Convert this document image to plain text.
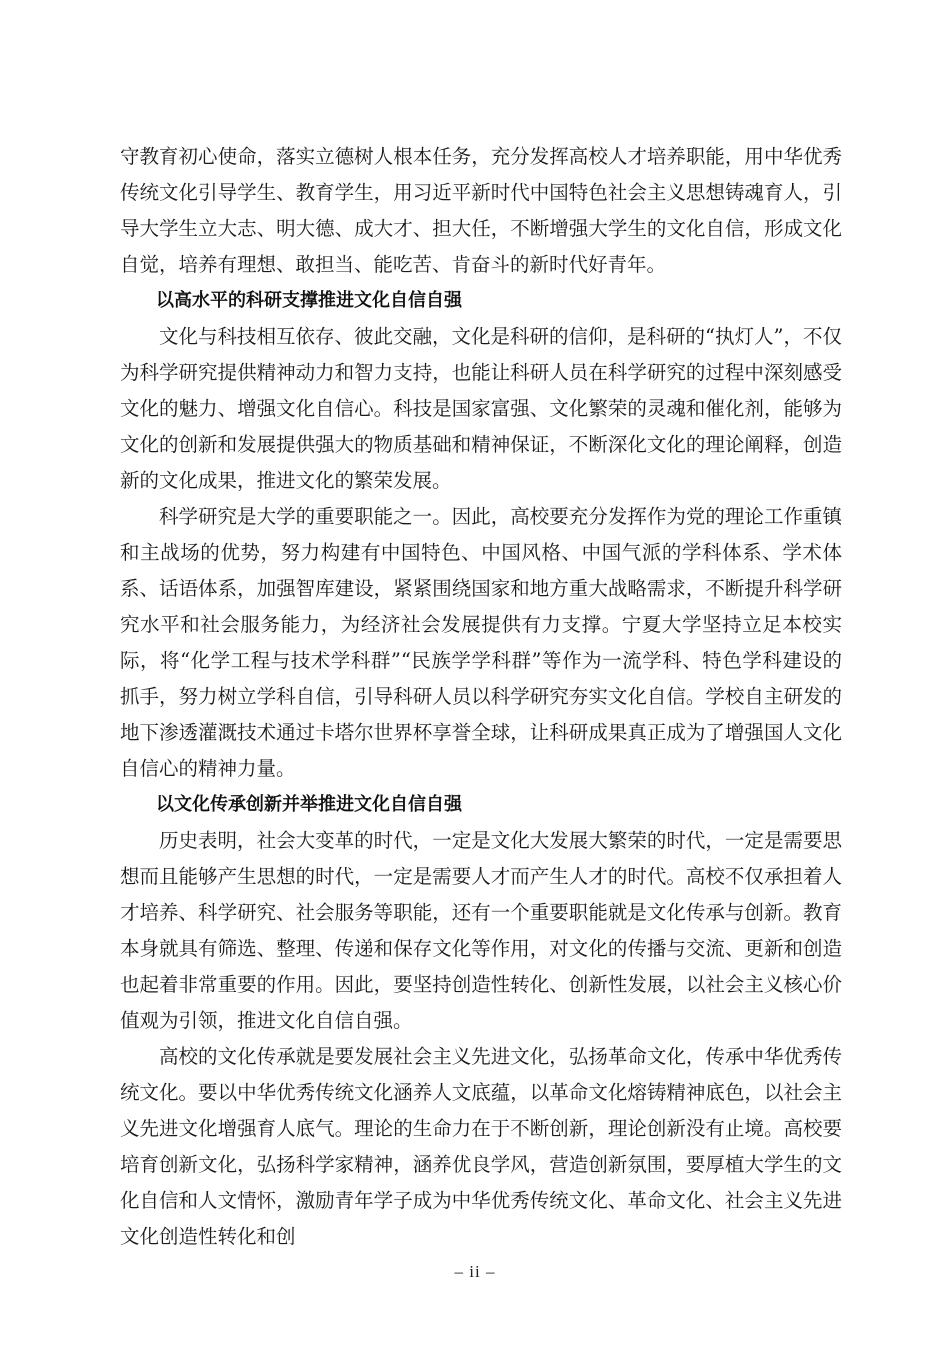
守教育初心使命，落实立德树人根本任务，充分发挥高校人才培养职能，用中华优秀传统文化引导学生、教育学生，用习近平新时代中国特色社会主义思想铸魂育人，引导大学生立大志、明大德、成大才、担大任，不断增强大学生的文化自信，形成文化自觉，培养有理想、敢担当、能吃苦、肯奋斗的新时代好青年。

以高水平的科研支撑推进文化自信自强

文化与科技相互依存、彼此交融，文化是科研的信仰，是科研的“执灯人”，不仅为科学研究提供精神动力和智力支持，也能让科研人员在科学研究的过程中深刻感受文化的魅力、增强文化自信心。科技是国家富强、文化繁荣的灵魂和催化剂，能够为文化的创新和发展提供强大的物质基础和精神保证，不断深化文化的理论阐释，创造新的文化成果，推进文化的繁荣发展。

科学研究是大学的重要职能之一。因此，高校要充分发挥作为党的理论工作重镇和主战场的优势，努力构建有中国特色、中国风格、中国气派的学科体系、学术体系、话语体系，加强智库建设，紧紧围绕国家和地方重大战略需求，不断提升科学研究水平和社会服务能力，为经济社会发展提供有力支撑。宁夏大学坚持立足本校实际，将“化学工程与技术学科群”“民族学学科群”等作为一流学科、特色学科建设的抓手，努力树立学科自信，引导科研人员以科学研究夯实文化自信。学校自主研发的地下渗透灌溉技术通过卡塔尔世界杯享誉全球，让科研成果真正成为了增强国人文化自信心的精神力量。

以文化传承创新并举推进文化自信自强

历史表明，社会大变革的时代，一定是文化大发展大繁荣的时代，一定是需要思想而且能够产生思想的时代，一定是需要人才而产生人才的时代。高校不仅承担着人才培养、科学研究、社会服务等职能，还有一个重要职能就是文化传承与创新。教育本身就具有筛选、整理、传递和保存文化等作用，对文化的传播与交流、更新和创造也起着非常重要的作用。因此，要坚持创造性转化、创新性发展，以社会主义核心价值观为引领，推进文化自信自强。

高校的文化传承就是要发展社会主义先进文化，弘扬革命文化，传承中华优秀传统文化。要以中华优秀传统文化涵养人文底蕴，以革命文化熔铸精神底色，以社会主义先进文化增强育人底气。理论的生命力在于不断创新，理论创新没有止境。高校要培育创新文化，弘扬科学家精神，涵养优良学风，营造创新氛围，要厚植大学生的文化自信和人文情怀，激励青年学子成为中华优秀传统文化、革命文化、社会主义先进文化创造性转化和创

– ii –
